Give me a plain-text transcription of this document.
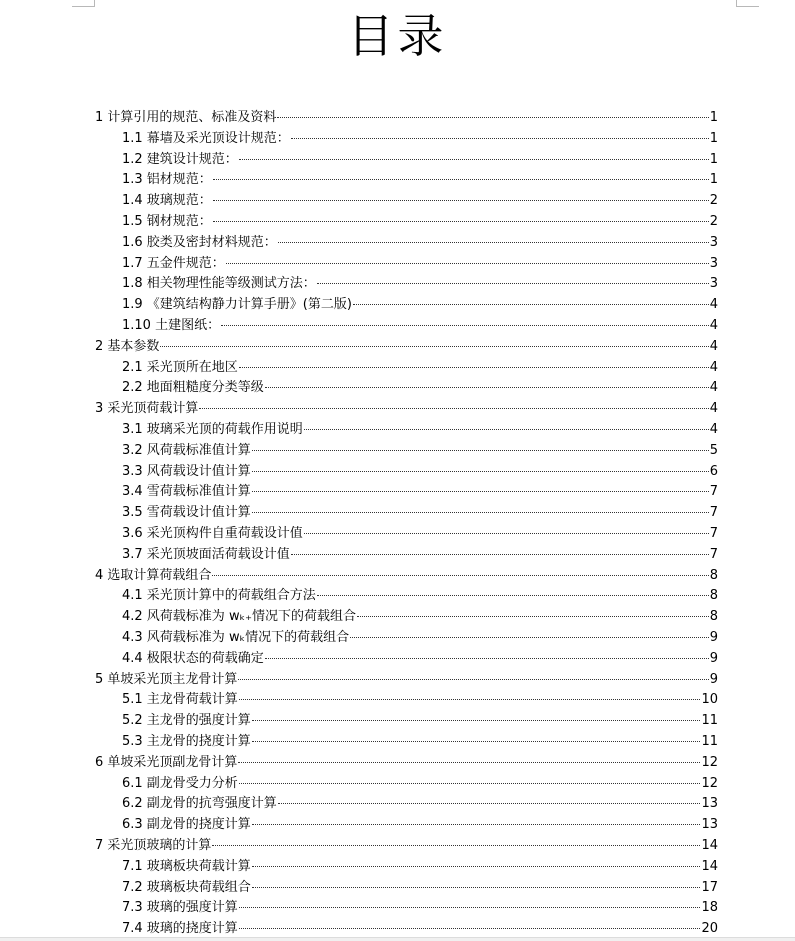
目录
1 计算引用的规范、标准及资料	1
1.1 幕墙及采光顶设计规范：	1
1.2 建筑设计规范：	1
1.3 铝材规范：	1
1.4 玻璃规范：	2
1.5 钢材规范：	2
1.6 胶类及密封材料规范：	3
1.7 五金件规范：	3
1.8 相关物理性能等级测试方法：	3
1.9 《建筑结构静力计算手册》(第二版)	4
1.10 土建图纸：	4
2 基本参数	4
2.1 采光顶所在地区	4
2.2 地面粗糙度分类等级	4
3 采光顶荷载计算	4
3.1 玻璃采光顶的荷载作用说明	4
3.2 风荷载标准值计算	5
3.3 风荷载设计值计算	6
3.4 雪荷载标准值计算	7
3.5 雪荷载设计值计算	7
3.6 采光顶构件自重荷载设计值	7
3.7 采光顶坡面活荷载设计值	7
4 选取计算荷载组合	8
4.1 采光顶计算中的荷载组合方法	8
4.2 风荷载标准为 wₖ₊情况下的荷载组合	8
4.3 风荷载标准为 wₖ情况下的荷载组合	9
4.4 极限状态的荷载确定	9
5 单坡采光顶主龙骨计算	9
5.1 主龙骨荷载计算	10
5.2 主龙骨的强度计算	11
5.3 主龙骨的挠度计算	11
6 单坡采光顶副龙骨计算	12
6.1 副龙骨受力分析	12
6.2 副龙骨的抗弯强度计算	13
6.3 副龙骨的挠度计算	13
7 采光顶玻璃的计算	14
7.1 玻璃板块荷载计算	14
7.2 玻璃板块荷载组合	17
7.3 玻璃的强度计算	18
7.4 玻璃的挠度计算	20
